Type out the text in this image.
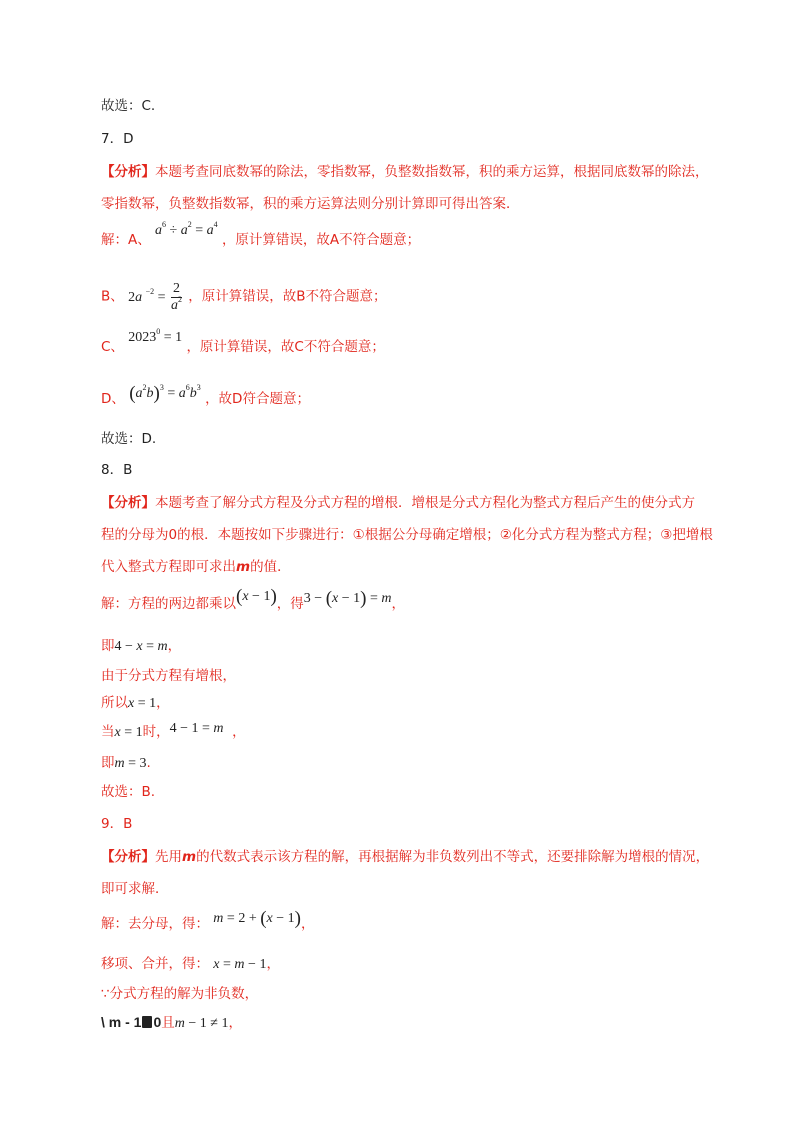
故选：C.
7．D
【分析】本题考查同底数幂的除法，零指数幂，负整数指数幂，积的乘方运算，根据同底数幂的除法，
零指数幂，负整数指数幂，积的乘方运算法则分别计算即可得出答案．
解：A、 $a^6 \div a^2 = a^4$ ，原计算错误，故A不符合题意；
B、 2a $^{-2} = \frac{2}{a^2}$ ，原计算错误，故B不符合题意；
C、 $2023^0 = 1$ ，原计算错误，故C不符合题意；
D、 $(a^2b)^3 = a^6b^3$ ，故D符合题意；
故选：D.
8．B
【分析】本题考查了解分式方程及分式方程的增根．增根是分式方程化为整式方程后产生的使分式方
程的分母为0的根．本题按如下步骤进行：①根据公分母确定增根；②化分式方程为整式方程；③把增根
代入整式方程即可求出m的值．
解：方程的两边都乘以(x − 1)，得3 − (x − 1) = m，
即4 − x = m，
由于分式方程有增根，
所以x = 1，
当x = 1时，4 − 1 = m ，
即m = 3.
故选：B.
9．B
【分析】先用m的代数式表示该方程的解，再根据解为非负数列出不等式，还要排除解为增根的情况，
即可求解．
解：去分母，得： m = 2 + (x − 1)，
移项、合并，得： x = m − 1，
∵分式方程的解为非负数，
\ m - 1 0且m − 1 ≠ 1，
